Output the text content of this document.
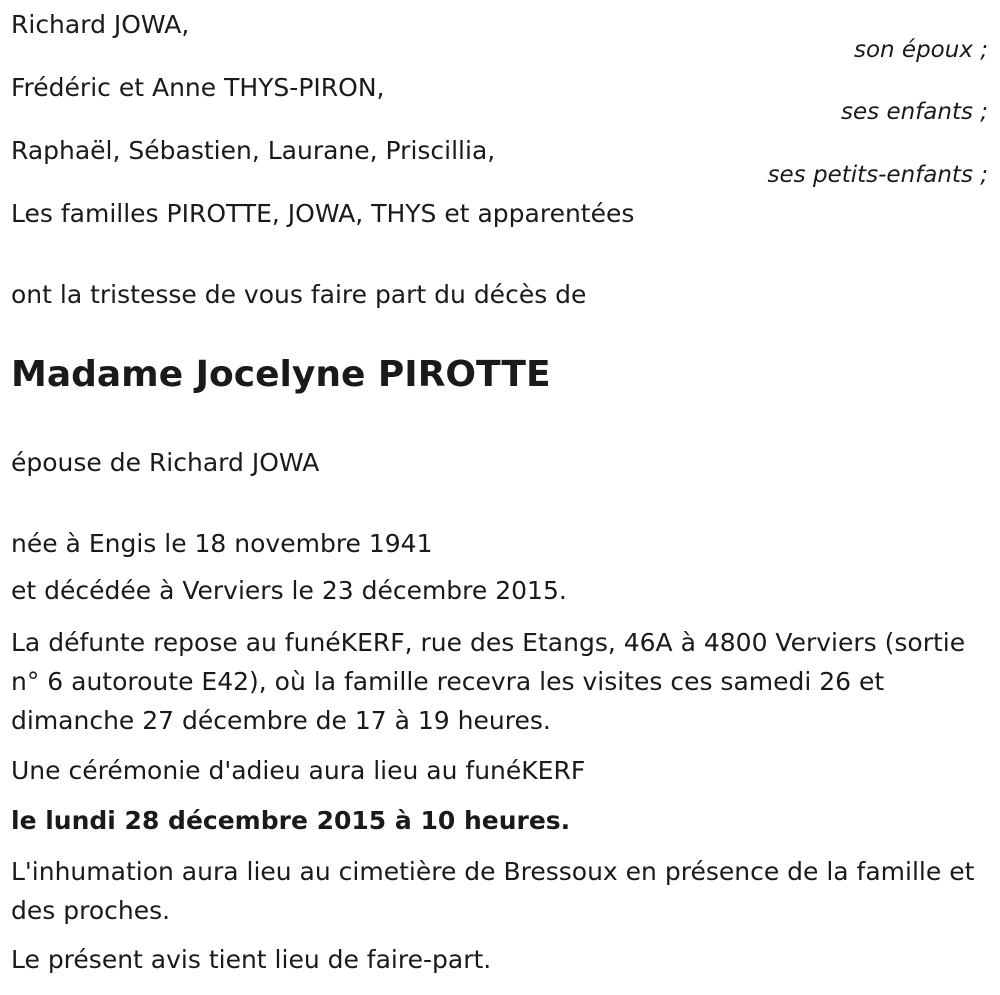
Richard JOWA,
son époux ;
Frédéric et Anne THYS-PIRON,
ses enfants ;
Raphaël, Sébastien, Laurane, Priscillia,
ses petits-enfants ;
Les familles PIROTTE, JOWA, THYS et apparentées
ont la tristesse de vous faire part du décès de
Madame Jocelyne PIROTTE
épouse de Richard JOWA
née à Engis le 18 novembre 1941
et décédée à Verviers le 23 décembre 2015.
La défunte repose au funéKERF, rue des Etangs, 46A à 4800 Verviers (sortie n° 6 autoroute E42), où la famille recevra les visites ces samedi 26 et dimanche 27 décembre de 17 à 19 heures.
Une cérémonie d'adieu aura lieu au funéKERF
le lundi 28 décembre 2015 à 10 heures.
L'inhumation aura lieu au cimetière de Bressoux en présence de la famille et des proches.
Le présent avis tient lieu de faire-part.
